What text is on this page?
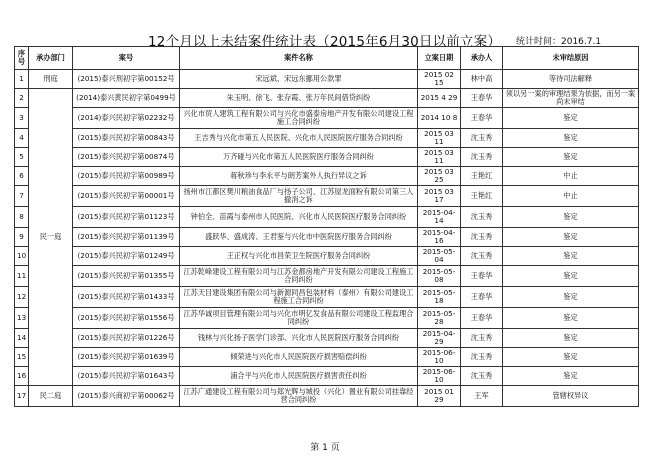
12个月以上未结案件统计表（2015年6月30日以前立案） 统计时间：2016.7.1
序号	承办部门	案号	案件名称	立案日期	承办人	未审结原因
1	刑庭	(2015)泰兴刑初字第00152号	宋远斌、宋远东挪用公款罪	2015 02 15	林中高	等待司法解释
2	民一庭	(2014)泰兴黄民初字第0499号	朱玉明、徐飞、张存霞、张万年民间借贷纠纷	2015 4 29	王春华	须以另一案的审理结果为依据，而另一案尚未审结
3		(2014)泰兴民初字第02232号	兴化市贸人建筑工程有限公司与兴化市盛泰房地产开发有限公司建设工程施工合同纠纷	2014 10 8	王春华	鉴定
4		(2015)泰兴民初字第00843号	王吉秀与兴化市第五人民医院、兴化市人民医院医疗服务合同纠纷	2015 03 11	沈玉秀	鉴定
5		(2015)泰兴民初字第00874号	万齐碰与兴化市第五人民医院医疗服务合同纠纷	2015 03 11	沈玉秀	鉴定
6		(2015)泰兴民初字第00989号	蒋秋珍与李永平与朗芳案外人执行异议之诉	2015 03 25	王艳红	中止
7		(2015)泰兴民初字第00001号	扬州市江都区樊川粮油食品厂与扬子公司、江苏屋龙面粉有限公司第三人撤消之诉	2015 03 17	王艳红	中止
8		(2015)泰兴民初字第01123号	钟伯全、苗霞与泰州市人民医院、兴化市人民医院医疗服务合同纠纷	2015-04-14	沈玉秀	鉴定
9		(2015)泰兴民初字第01139号	盛跃华、盛成涛、王君鉴与兴化市中医院医疗服务合同纠纷	2015-04-16	沈玉秀	鉴定
10		(2015)泰兴民初字第01249号	王正权与兴化市昌荣卫生院医疗服务合同纠纷	2015-05-04	沈玉秀	鉴定
11		(2015)泰兴民初字第01355号	江苏乾峰建设工程有限公司与江苏金都房地产开发有限公司建设工程施工合同纠纷	2015-05-08	王春华	鉴定
12		(2015)泰兴民初字第01433号	江苏天目建设集团有限公司与新源同昌包装材料（泰州）有限公司建设工程施工合同纠纷	2015-05-18	王春华	鉴定
13		(2015)泰兴民初字第01556号	江苏华诚项目管理有限公司与兴化市明亿发食品有限公司建设工程监理合同纠纷	2015-05-28	王春华	鉴定
14		(2015)泰兴民初字第01226号	钱林与兴化扬子医学门诊部、兴化市人民医院医疗服务合同纠纷	2015-04-29	沈玉秀	鉴定
15		(2015)泰兴民初字第01639号	倾荣进与兴化市人民医院医疗损害赔偿纠纷	2015-06-10	沈玉秀	鉴定
16		(2015)泰兴民初字第01643号	浦合平与兴化市人民医院医疗损害责任纠纷	2015-06-10	沈玉秀	鉴定
17	民二庭	(2015)泰兴商初字第00062号	江苏广通建设工程有限公司与郑光辉与城投（兴化）置业有限公司挂靠经营合同纠纷	2015 01 29	王军	管辖权异议
第 1 页
